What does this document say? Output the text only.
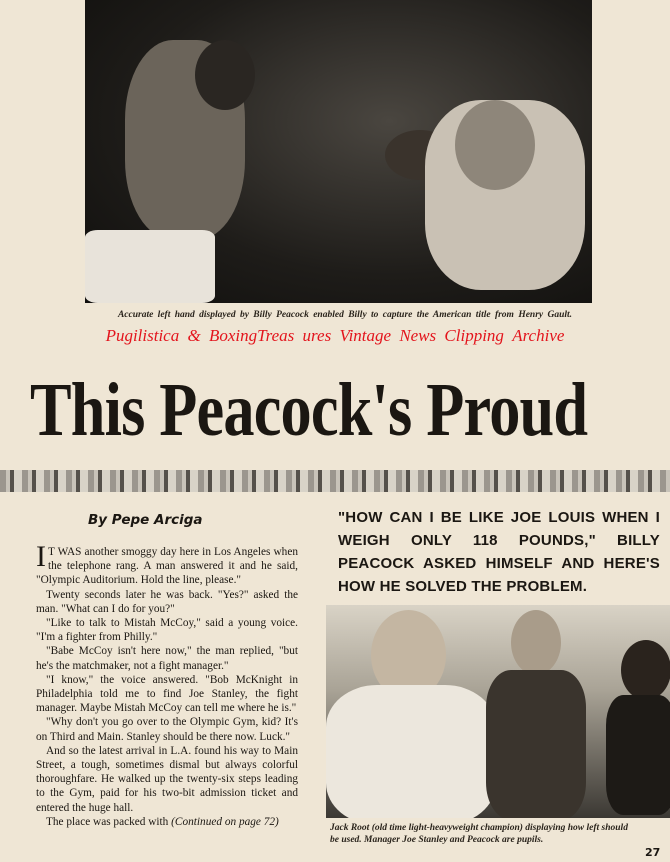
Accurate left hand displayed by Billy Peacock enabled Billy to capture the American title from Henry Gault.
Pugilistica & BoxingTreas ures Vintage News Clipping Archive
This Peacock's Proud
By Pepe Arciga

I T WAS another smoggy day here in Los Angeles when the telephone rang. A man answered it and he said, "Olympic Auditorium. Hold the line, please."

Twenty seconds later he was back. "Yes?" asked the man. "What can I do for you?"

"Like to talk to Mistah McCoy," said a young voice. "I'm a fighter from Philly."

"Babe McCoy isn't here now," the man replied, "but he's the matchmaker, not a fight manager."

"I know," the voice answered. "Bob McKnight in Philadelphia told me to find Joe Stanley, the fight manager. Maybe Mistah McCoy can tell me where he is."

"Why don't you go over to the Olympic Gym, kid? It's on Third and Main. Stanley should be there now. Luck."

And so the latest arrival in L.A. found his way to Main Street, a tough, sometimes dismal but always colorful thoroughfare. He walked up the twenty-six steps leading to the Gym, paid for his two-bit admission ticket and entered the huge hall.

The place was packed with (Continued on page 72)

"HOW CAN I BE LIKE JOE LOUIS WHEN I WEIGH ONLY 118 POUNDS," BILLY PEACOCK ASKED HIMSELF AND HERE'S HOW HE SOLVED THE PROBLEM.
Jack Root (old time light-heavyweight champion) displaying how left should be used. Manager Joe Stanley and Peacock are pupils.
27
